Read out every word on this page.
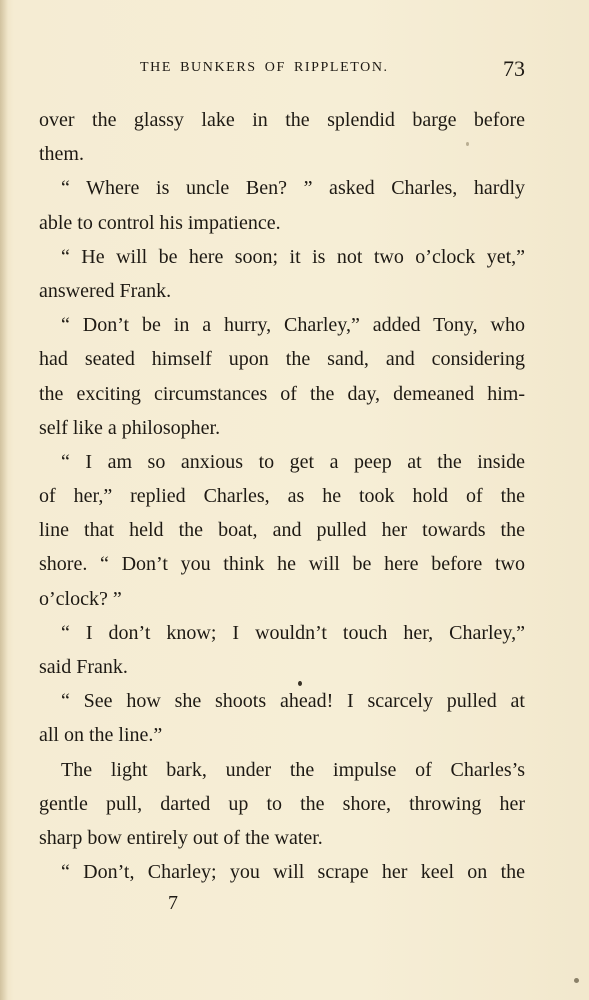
THE BUNKERS OF RIPPLETON.	73
over the glassy lake in the splendid barge before
them.
“ Where is uncle Ben? ” asked Charles, hardly
able to control his impatience.
“ He will be here soon; it is not two o’clock yet,”
answered Frank.
“ Don’t be in a hurry, Charley,” added Tony, who
had seated himself upon the sand, and considering
the exciting circumstances of the day, demeaned him-
self like a philosopher.
“ I am so anxious to get a peep at the inside
of her,” replied Charles, as he took hold of the
line that held the boat, and pulled her towards the
shore. “ Don’t you think he will be here before two
o’clock? ”
“ I don’t know; I wouldn’t touch her, Charley,”
said Frank.
“ See how she shoots ahead! I scarcely pulled at
all on the line.”
The light bark, under the impulse of Charles’s
gentle pull, darted up to the shore, throwing her
sharp bow entirely out of the water.
“ Don’t, Charley; you will scrape her keel on the
7
